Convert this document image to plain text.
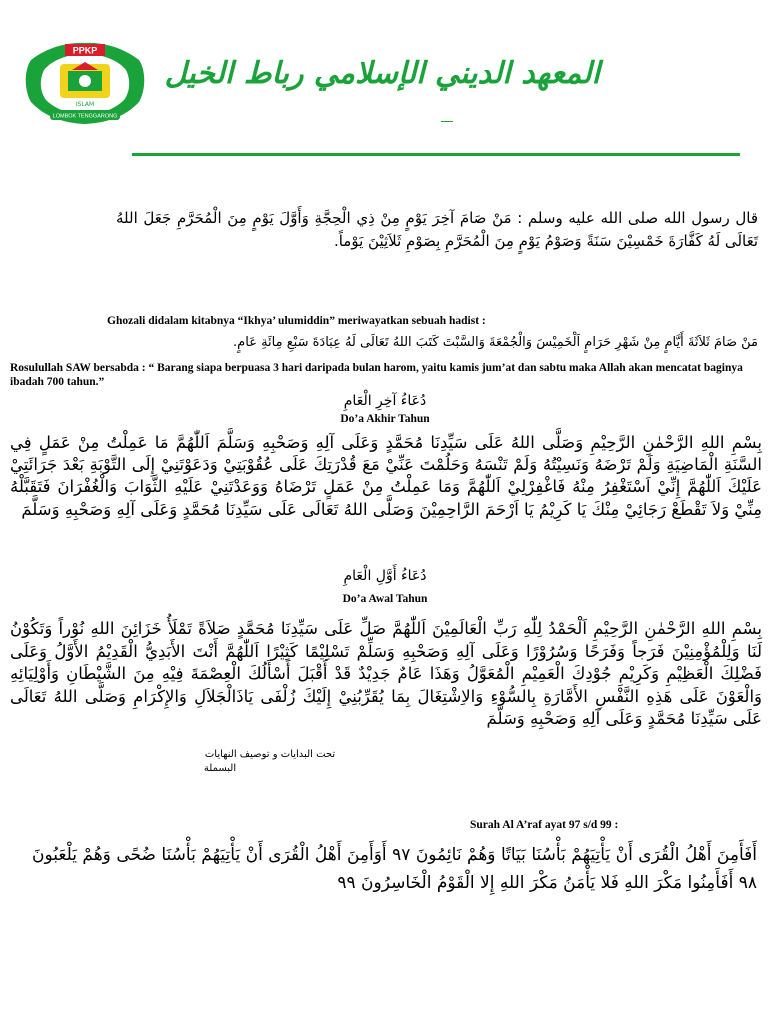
PPKP
ISLAM
LOMBOK TENGGARONG
المعهد الديني الإسلامي رباط الخيل
قال رسول الله صلى الله عليه وسلم : مَنْ صَامَ آخِرَ يَوْمٍ مِنْ ذِي الْحِجَّةِ وَأَوَّلَ يَوْمٍ مِنَ الْمُحَرَّمِ جَعَلَ اللهُ تَعَالَى لَهُ كَفَّارَةَ خَمْسِيْنَ سَنَةً وَصَوْمُ يَوْمٍ مِنَ الْمُحَرَّمِ بِصَوْمِ ثَلاَثِيْنَ يَوْماً.
Ghozali didalam kitabnya “Ikhya’ ulumiddin” meriwayatkan sebuah hadist :
مَنْ صَامَ ثَلاَثَةَ أَيَّامٍ مِنْ شَهْرِ حَرَامٍ اَلْخَمِيْسَ وَالْجُمْعَةَ وَالسَّبْتَ كَتَبَ اللهُ تَعَالَى لَهُ عِبَادَةَ سَبْعِ مِائَةِ عَامٍ.
Rosulullah SAW bersabda : “ Barang siapa berpuasa 3 hari daripada bulan harom, yaitu kamis jum’at dan sabtu maka Allah akan mencatat baginya ibadah 700 tahun.”
دُعَاءُ آخِرِ الْعَامِ
Do’a Akhir Tahun
بِسْمِ اللهِ الرَّحْمٰنِ الرَّحِيْمِ وَصَلَّى اللهُ عَلَى سَيِّدِنَا مُحَمَّدٍ وَعَلَى آلِهِ وَصَحْبِهِ وَسَلَّمَ اَللّٰهُمَّ مَا عَمِلْتُ مِنْ عَمَلٍ فِي السَّنَةِ الْمَاضِيَةِ وَلَمْ تَرْضَهُ وَنَسِيْتُهُ وَلَمْ تَنْسَهُ وَحَلُمْتَ عَنِّيْ مَعَ قُدْرَتِكَ عَلَى عُقُوْبَتِيْ وَدَعَوْتَنِيْ إِلَى التَّوْبَةِ بَعْدَ جَرَائَتِيْ عَلَيْكَ اَللّٰهُمَّ إِنِّيْ اَسْتَغْفِرُ مِنْهُ فَاغْفِرْلِيْ اَللّٰهُمَّ وَمَا عَمِلْتُ مِنْ عَمَلٍ تَرْضَاهُ وَوَعَدْتَنِيْ عَلَيْهِ الثَّوَابَ وَالْغُفْرَانَ فَتَقَبَّلْهُ مِنِّيْ وَلاَ تَقْطَعْ رَجَائِيْ مِنْكَ يَا كَرِيْمُ يَا اَرْحَمَ الرَّاحِمِيْنَ وَصَلَّى اللهُ تَعَالَى عَلَى سَيِّدِنَا مُحَمَّدٍ وَعَلَى آلِهِ وَصَحْبِهِ وَسَلَّمَ
دُعَاءُ أَوَّلِ الْعَامِ
Do’a Awal Tahun
بِسْمِ اللهِ الرَّحْمٰنِ الرَّحِيْمِ اَلْحَمْدُ لِلّٰهِ رَبِّ الْعَالَمِيْنَ اَللّٰهُمَّ صَلِّ عَلَى سَيِّدِنَا مُحَمَّدٍ صَلاَةً تَمْلَأُ خَزَائِنَ اللهِ نُوْراً وَتَكُوْنُ لَنَا وَلِلْمُؤْمِنِيْنَ فَرَجاً وَفَرَحًا وَسُرُوْرًا وَعَلَى آلِهِ وَصَحْبِهِ وَسَلِّمْ تَسْلِيْمًا كَثِيْرًا اَللّٰهُمَّ أَنْتَ الأَبَدِيُّ الْقَدِيْمُ الأَوَّلُ وَعَلَى فَضْلِكَ الْعَظِيْمِ وَكَرِيْمِ جُوْدِكَ الْعَمِيْمِ الْمُعَوَّلُ وَهَذَا عَامٌ جَدِيْدٌ قَدْ أَقْبَلَ أَسْأَلُكَ الْعِصْمَةَ فِيْهِ مِنَ الشَّيْطَانِ وَأَوْلِيَائِهِ وَالْعَوْنَ عَلَى هَذِهِ النَّفْسِ الأَمَّارَةِ بِالسُّوْءِ وَالاِشْتِغَالَ بِمَا يُقَرِّبُنِيْ إِلَيْكَ زُلْفَى يَاذَالْجَلاَلِ وَالإِكْرَامِ وَصَلَّى اللهُ تَعَالَى عَلَى سَيِّدِنَا مُحَمَّدٍ وَعَلَى آلِهِ وَصَحْبِهِ وَسَلَّمَ
تحت البدايات و توصيف النهايات
البسملة
Surah Al A’raf ayat 97 s/d 99 :
أَفَأَمِنَ أَهْلُ الْقُرَى أَنْ يَأْتِيَهُمْ بَأْسُنَا بَيَاتًا وَهُمْ نَائِمُونَ ٩٧ أَوَأَمِنَ أَهْلُ الْقُرَى أَنْ يَأْتِيَهُمْ بَأْسُنَا ضُحًى وَهُمْ يَلْعَبُونَ ٩٨ أَفَأَمِنُوا مَكْرَ اللهِ فَلا يَأْمَنُ مَكْرَ اللهِ إِلا الْقَوْمُ الْخَاسِرُونَ ٩٩
